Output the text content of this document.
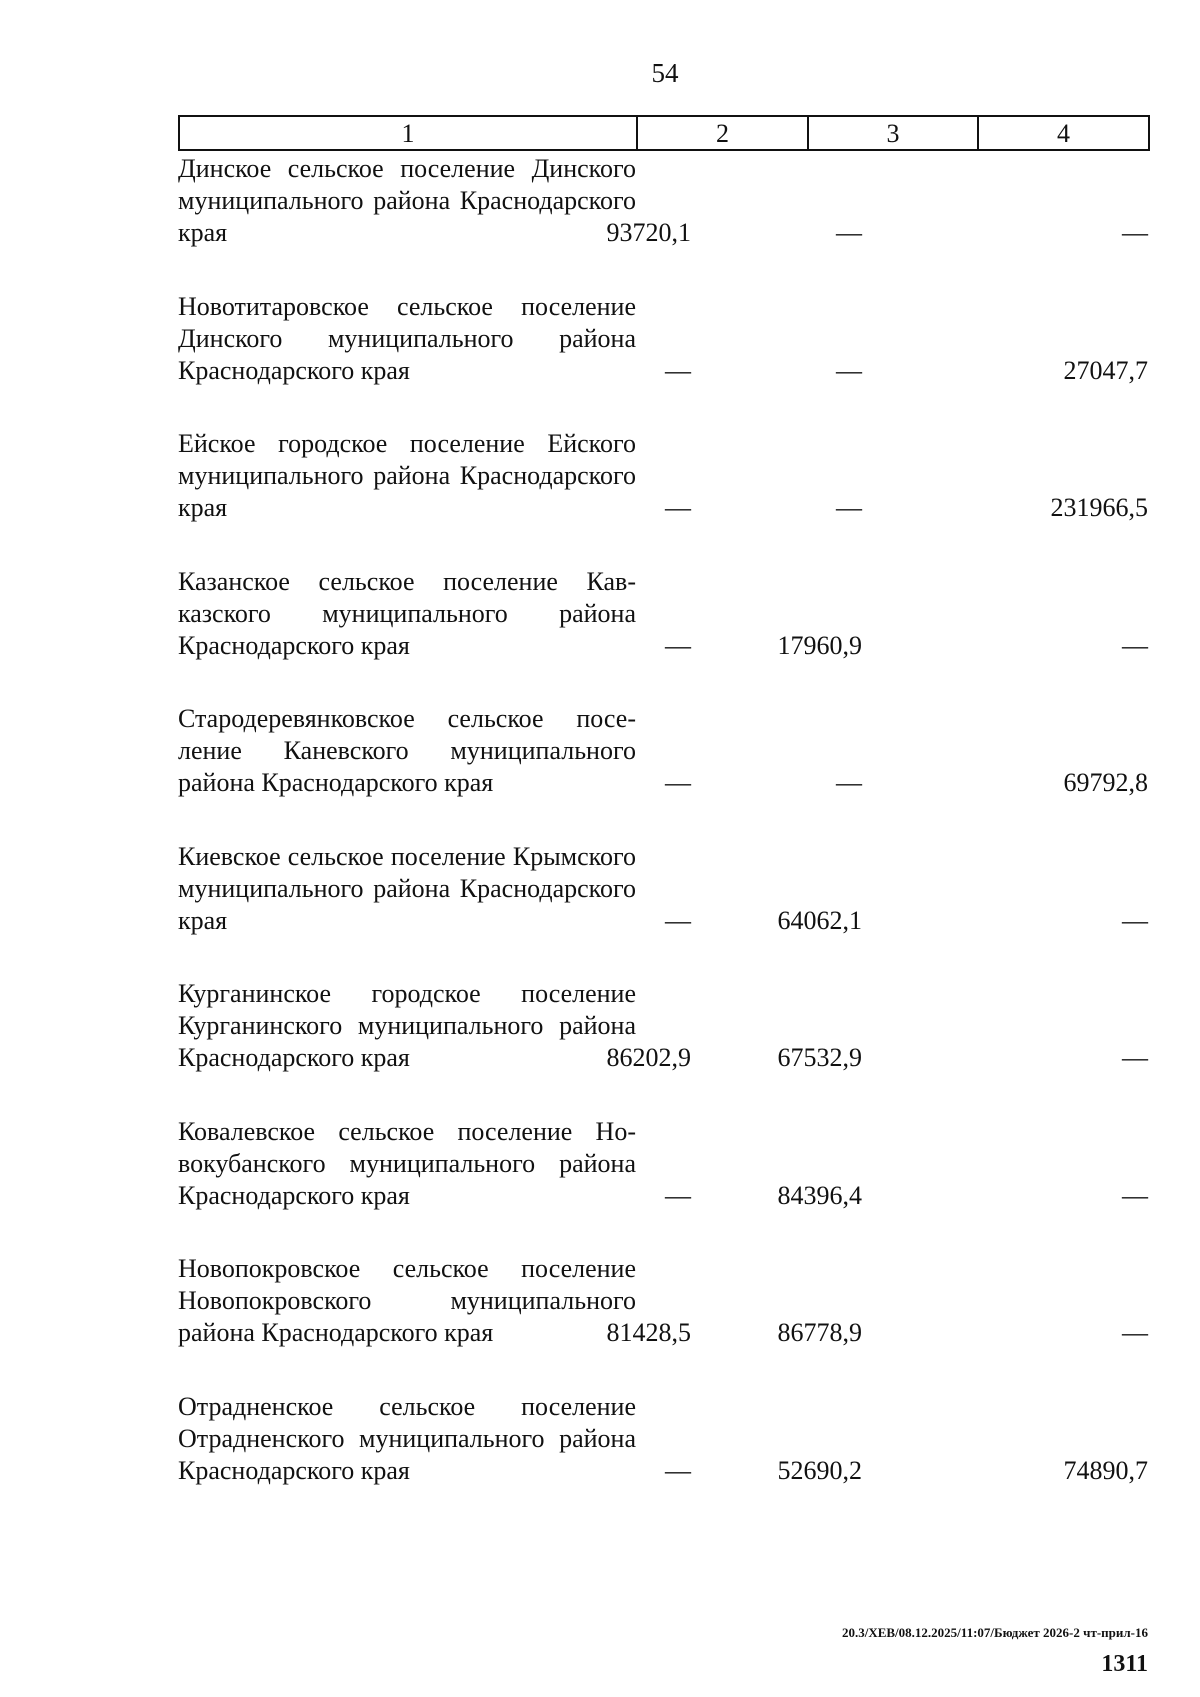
54
1	2	3	4
Динское сельское поселение Динского муниципального района Краснодарского края	93720,1	—	—
Новотитаровское сельское поселение Динского муниципального района Краснодарского края	—	—	27047,7
Ейское городское поселение Ейского муниципального района Краснодарского края	—	—	231966,5
Казанское сельское поселение Кавказского муниципального района Краснодарского края	—	17960,9	—
Стародеревянковское сельское поселение Каневского муниципального района Краснодарского края	—	—	69792,8
Киевское сельское поселение Крымского муниципального района Краснодарского края	—	64062,1	—
Курганинское городское поселение Курганинского муниципального района Краснодарского края	86202,9	67532,9	—
Ковалевское сельское поселение Новокубанского муниципального района Краснодарского края	—	84396,4	—
Новопокровское сельское поселение Новопокровского муниципального района Краснодарского края	81428,5	86778,9	—
Отрадненское сельское поселение Отрадненского муниципального района Краснодарского края	—	52690,2	74890,7
20.3/ХЕВ/08.12.2025/11:07/Бюджет 2026-2 чт-прил-16
1311
